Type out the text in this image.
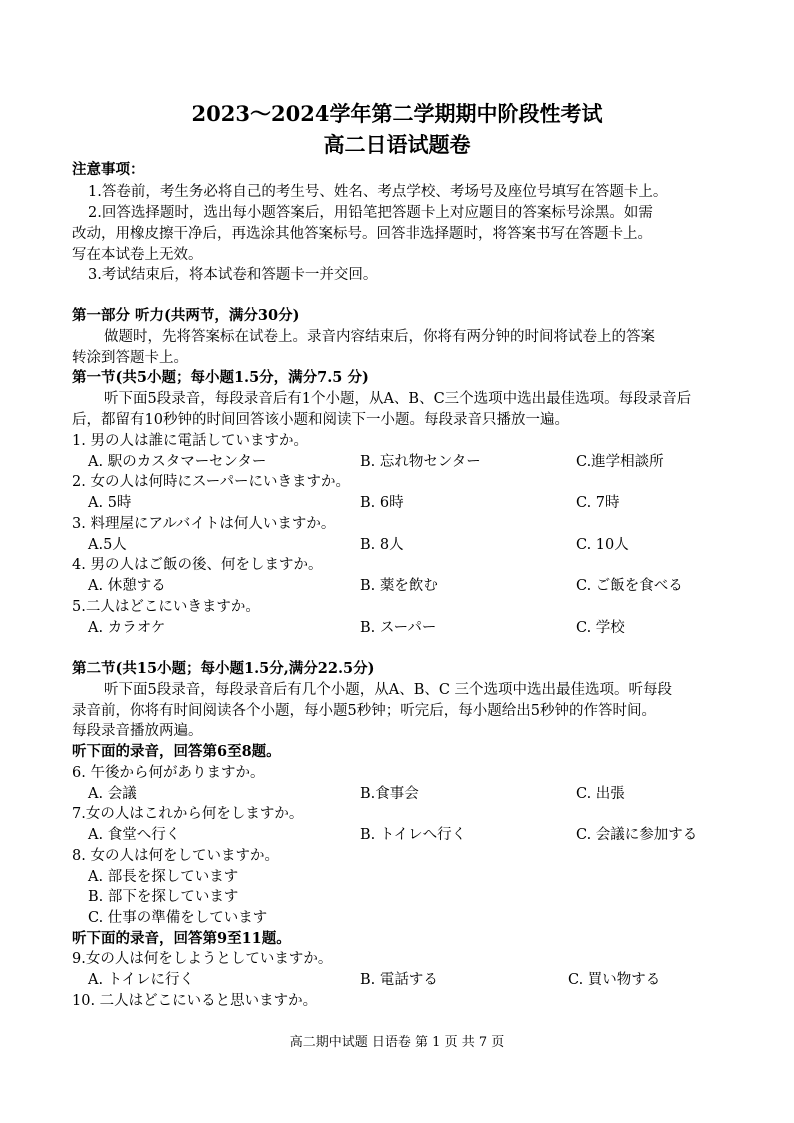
2023～2024学年第二学期期中阶段性考试
高二日语试题卷
注意事项：
1.答卷前，考生务必将自己的考生号、姓名、考点学校、考场号及座位号填写在答题卡上。
2.回答选择题时，选出每小题答案后，用铅笔把答题卡上对应题目的答案标号涂黑。如需
改动，用橡皮擦干净后，再选涂其他答案标号。回答非选择题时，将答案书写在答题卡上。
写在本试卷上无效。
3.考试结束后，将本试卷和答题卡一并交回。
第一部分 听力(共两节，满分30分)
做题时，先将答案标在试卷上。录音内容结束后，你将有两分钟的时间将试卷上的答案
转涂到答题卡上。
第一节(共5小题；每小题1.5分，满分7.5 分)
听下面5段录音，每段录音后有1个小题，从A、B、C三个选项中选出最佳选项。每段录音后
后，都留有10秒钟的时间回答该小题和阅读下一小题。每段录音只播放一遍。
1. 男の人は誰に電話していますか。
A. 駅のカスタマーセンター	B. 忘れ物センター	C.進学相談所
2. 女の人は何時にスーパーにいきますか。
A. 5時	B. 6時	C. 7時
3. 料理屋にアルバイトは何人いますか。
A.5人	B. 8人	C. 10人
4. 男の人はご飯の後、何をしますか。
A. 休憩する	B. 薬を飲む	C. ご飯を食べる
5.二人はどこにいきますか。
A. カラオケ	B. スーパー	C. 学校
第二节(共15小题；每小题1.5分,满分22.5分)
听下面5段录音，每段录音后有几个小题，从A、B、C 三个选项中选出最佳选项。听每段
录音前，你将有时间阅读各个小题，每小题5秒钟；听完后，每小题给出5秒钟的作答时间。
每段录音播放两遍。
听下面的录音，回答第6至8题。
6. 午後から何がありますか。
A. 会議	B.食事会	C. 出張
7.女の人はこれから何をしますか。
A. 食堂へ行く	B. トイレへ行く	C. 会議に参加する
8. 女の人は何をしていますか。
A. 部長を探しています
B. 部下を探しています
C. 仕事の準備をしています
听下面的录音，回答第9至11题。
9.女の人は何をしようとしていますか。
A. トイレに行く	B. 電話する	C. 買い物する
10. 二人はどこにいると思いますか。
高二期中试题 日语卷 第 1 页 共 7 页
